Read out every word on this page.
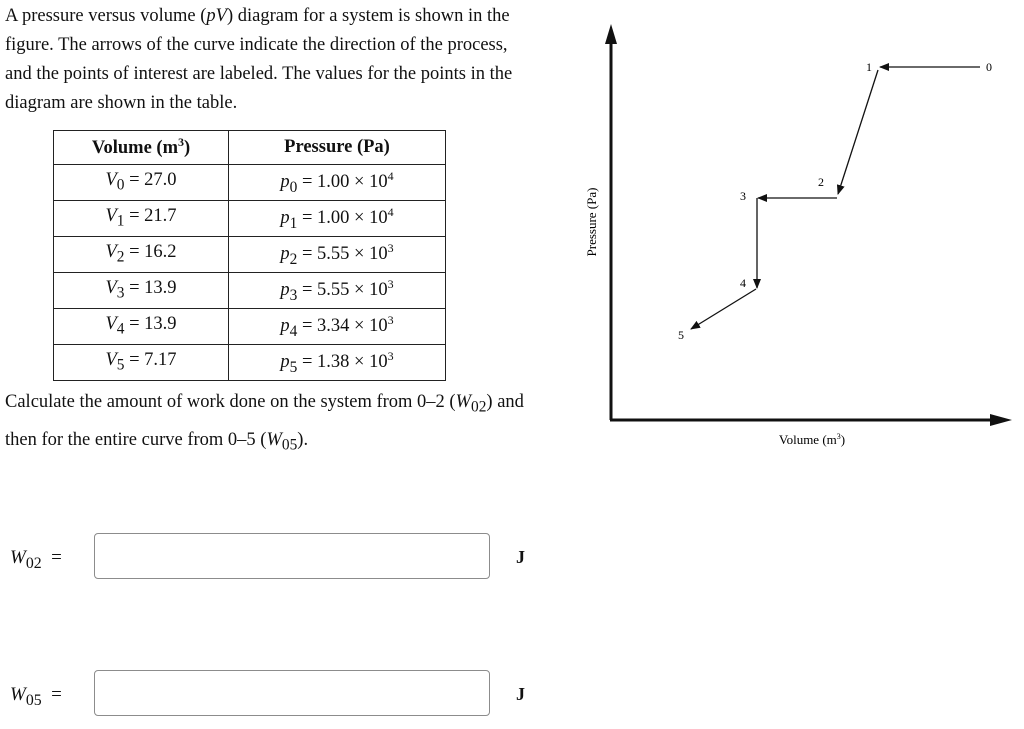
A pressure versus volume (pV) diagram for a system is shown in the figure. The arrows of the curve indicate the direction of the process, and the points of interest are labeled. The values for the points in the diagram are shown in the table.

Volume $(m^3)$	Pressure (Pa)
$V_0 = 27.0$	$p_0 = 1.00 \times 10^4$
$V_1 = 21.7$	$p_1 = 1.00 \times 10^4$
$V_2 = 16.2$	$p_2 = 5.55 \times 10^3$
$V_3 = 13.9$	$p_3 = 5.55 \times 10^3$
$V_4 = 13.9$	$p_4 = 3.34 \times 10^3$
$V_5 = 7.17$	$p_5 = 1.38 \times 10^3$

Calculate the amount of work done on the system from 0–2 $(W_{02})$ and then for the entire curve from 0–5 $(W_{05})$.

$W_{02}$ =	J
$W_{05}$ =	J
0
1
2
3
4
5
Pressure (Pa)
Volume $(m^3)$
